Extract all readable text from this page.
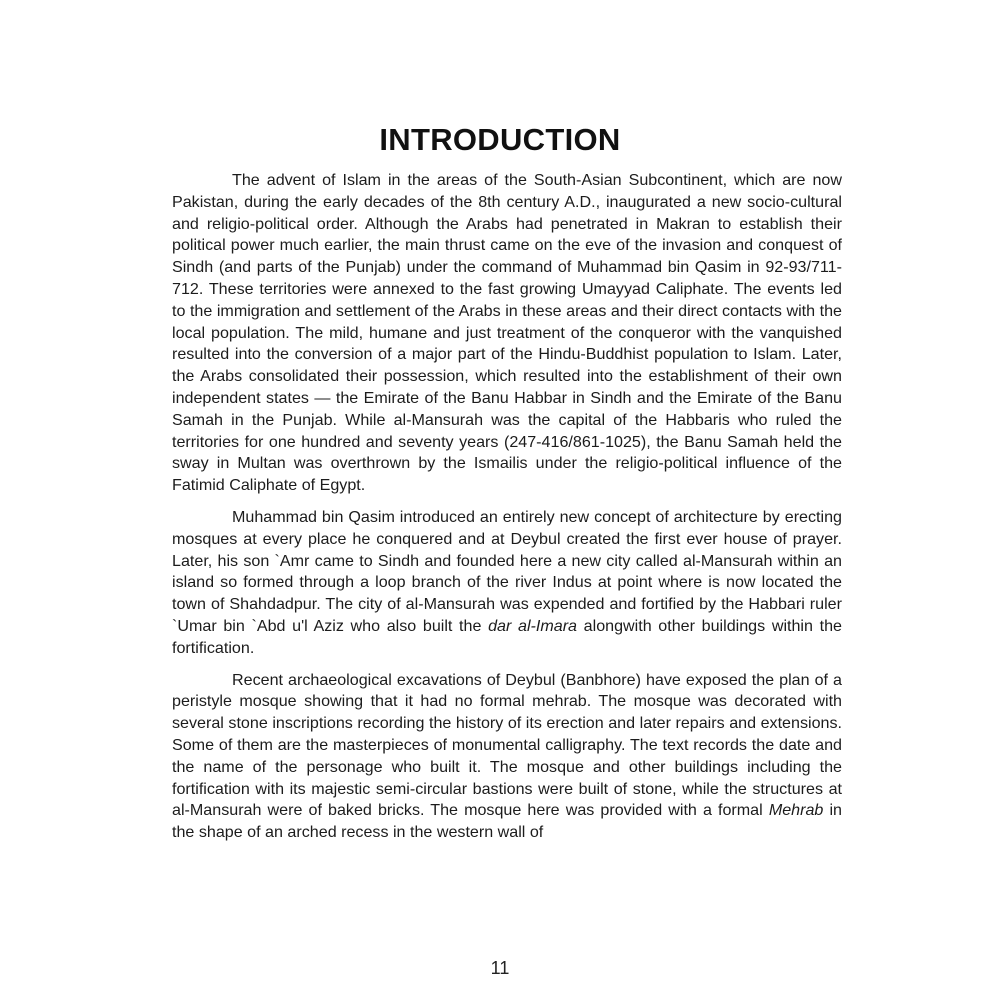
INTRODUCTION

The advent of Islam in the areas of the South-Asian Subcontinent, which are now Pakistan, during the early decades of the 8th century A.D., inaugurated a new socio-cultural and religio-political order. Although the Arabs had penetrated in Makran to establish their political power much earlier, the main thrust came on the eve of the invasion and conquest of Sindh (and parts of the Punjab) under the command of Muhammad bin Qasim in 92-93/711-712. These territories were annexed to the fast growing Umayyad Caliphate. The events led to the immigration and settlement of the Arabs in these areas and their direct contacts with the local population. The mild, humane and just treatment of the conqueror with the vanquished resulted into the conversion of a major part of the Hindu-Buddhist population to Islam. Later, the Arabs consolidated their possession, which resulted into the establishment of their own independent states — the Emirate of the Banu Habbar in Sindh and the Emirate of the Banu Samah in the Punjab. While al-Mansurah was the capital of the Habbaris who ruled the territories for one hundred and seventy years (247-416/861-1025), the Banu Samah held the sway in Multan was overthrown by the Ismailis under the religio-political influence of the Fatimid Caliphate of Egypt.

Muhammad bin Qasim introduced an entirely new concept of architecture by erecting mosques at every place he conquered and at Deybul created the first ever house of prayer. Later, his son `Amr came to Sindh and founded here a new city called al-Mansurah within an island so formed through a loop branch of the river Indus at point where is now located the town of Shahdadpur. The city of al-Mansurah was expended and fortified by the Habbari ruler `Umar bin `Abd u'l Aziz who also built the dar al-Imara alongwith other buildings within the fortification.

Recent archaeological excavations of Deybul (Banbhore) have exposed the plan of a peristyle mosque showing that it had no formal mehrab. The mosque was decorated with several stone inscriptions recording the history of its erection and later repairs and extensions. Some of them are the masterpieces of monumental calligraphy. The text records the date and the name of the personage who built it. The mosque and other buildings including the fortification with its majestic semi-circular bastions were built of stone, while the structures at al-Mansurah were of baked bricks. The mosque here was provided with a formal Mehrab in the shape of an arched recess in the western wall of

11
